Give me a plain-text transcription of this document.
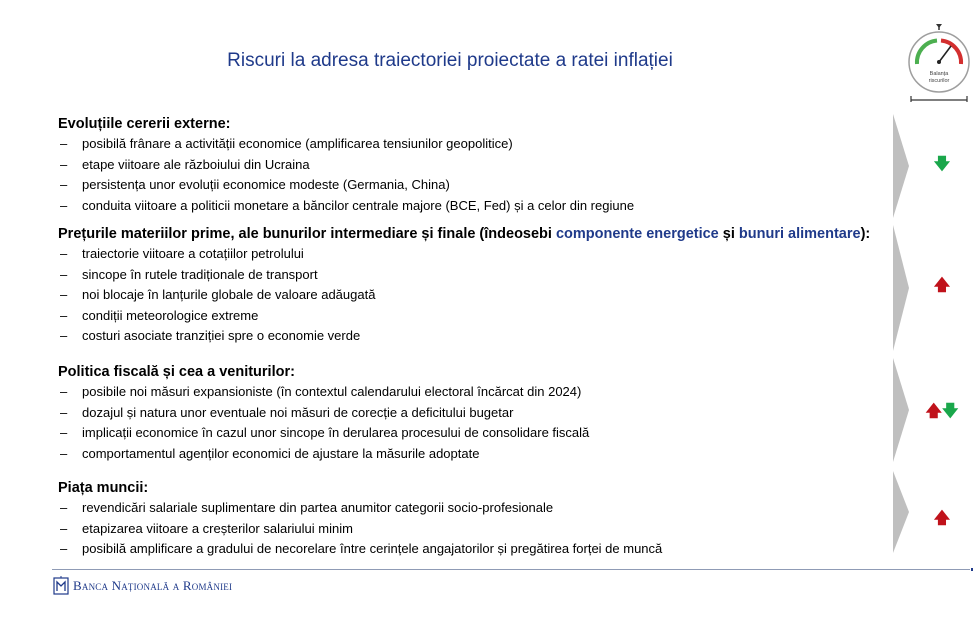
Riscuri la adresa traiectoriei proiectate a ratei inflației
Balanța
riscurilor
Evoluțiile cererii externe:
– posibilă frânare a activității economice (amplificarea tensiunilor geopolitice)
– etape viitoare ale războiului din Ucraina
– persistența unor evoluții economice modeste (Germania, China)
– conduita viitoare a politicii monetare a băncilor centrale majore (BCE, Fed) și a celor din regiune
Prețurile materiilor prime, ale bunurilor intermediare și finale (îndeosebi componente energetice și bunuri alimentare):
– traiectorie viitoare a cotațiilor petrolului
– sincope în rutele tradiționale de transport
– noi blocaje în lanțurile globale de valoare adăugată
– condiții meteorologice extreme
– costuri asociate tranziției spre o economie verde
Politica fiscală și cea a veniturilor:
– posibile noi măsuri expansioniste (în contextul calendarului electoral încărcat din 2024)
– dozajul și natura unor eventuale noi măsuri de corecție a deficitului bugetar
– implicații economice în cazul unor sincope în derularea procesului de consolidare fiscală
– comportamentul agenților economici de ajustare la măsurile adoptate
Piața muncii:
– revendicări salariale suplimentare din partea anumitor categorii socio-profesionale
– etapizarea viitoare a creșterilor salariului minim
– posibilă amplificare a gradului de necorelare între cerințele angajatorilor și pregătirea forței de muncă
🡇
🡅
🡅🡇
🡅
Banca Națională a României
